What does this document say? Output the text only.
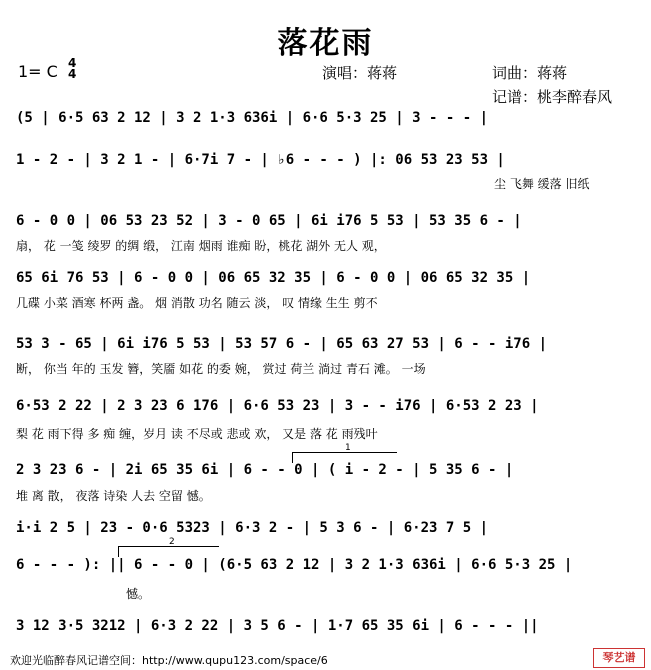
落花雨
1= C 4
4	演唱：蒋蒋	词曲：蒋蒋
记谱：桃李醉春风
(5 | 6·5 63 2 12 | 3 2 1·3 636i | 6·6 5·3 25 | 3 - - - |
1 - 2 - | 3 2 1 - | 6·7i 7 - | ♭6 - - - ) |: 06 53 23 53 |
尘 飞舞 缓落 旧纸
6 - 0 0 | 06 53 23 52 | 3 - 0 65 | 6i i76 5 53 | 53 35 6 - |
扇， 花 一笺 绫罗 的绸 缎， 江南 烟雨 谁痴 盼，桃花 湖外 无人 观，
65 6i 76 53 | 6 - 0 0 | 06 65 32 35 | 6 - 0 0 | 06 65 32 35 |
几碟 小菜 酒寒 杯两 盏。 烟 消散 功名 随云 淡， 叹 情缘 生生 剪不
53 3 - 65 | 6i i76 5 53 | 53 57 6 - | 65 63 27 53 | 6 - - i76 |
断， 你当 年的 玉发 簪，笑靥 如花 的委 婉， 赏过 荷兰 淌过 青石 滩。 一场
6·53 2 22 | 2 3 23 6 176 | 6·6 53 23 | 3 - - i76 | 6·53 2 23 |
梨 花 雨下得 多 痴 缠，岁月 读 不尽或 悲或 欢， 又是 落 花 雨残叶
1
2 3 23 6 - | 2i 65 35 6i | 6 - - 0 | ( i - 2 - | 5 35 6 - |
堆 离 散， 夜落 诗染 人去 空留 憾。
i·i 2 5 | 23 - 0·6 5323 | 6·3 2 - | 5 3 6 - | 6·23 7 5 |
2
6 - - - ): || 6 - - 0 | (6·5 63 2 12 | 3 2 1·3 636i | 6·6 5·3 25 |
憾。
3 12 3·5 3212 | 6·3 2 22 | 3 5 6 - | 1·7 65 35 6i | 6 - - - ||
欢迎光临醉春风记谱空间：http://www.qupu123.com/space/6	琴艺谱
